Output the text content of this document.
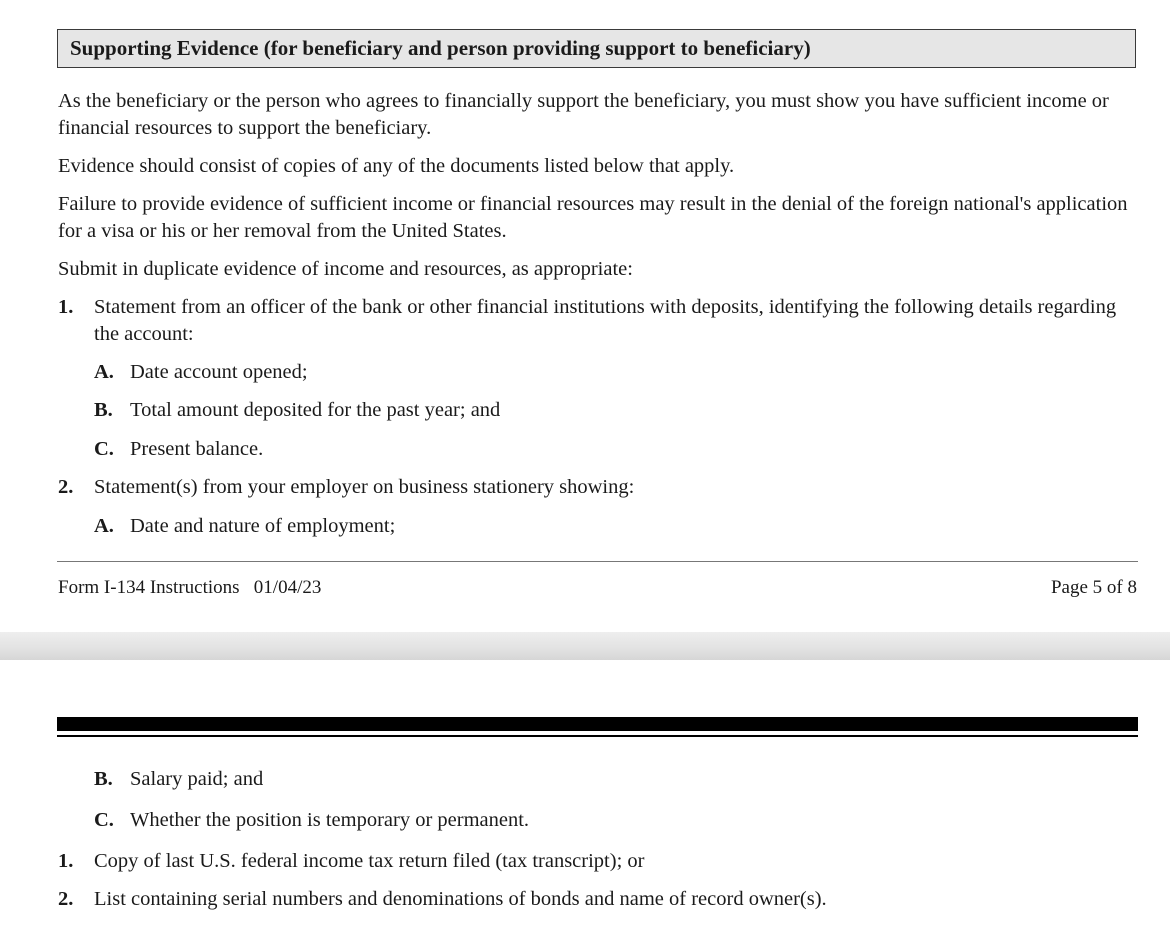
Supporting Evidence (for beneficiary and person providing support to beneficiary)

As the beneficiary or the person who agrees to financially support the beneficiary, you must show you have sufficient income or financial resources to support the beneficiary.

Evidence should consist of copies of any of the documents listed below that apply.

Failure to provide evidence of sufficient income or financial resources may result in the denial of the foreign national's application for a visa or his or her removal from the United States.

Submit in duplicate evidence of income and resources, as appropriate:

1. Statement from an officer of the bank or other financial institutions with deposits, identifying the following details regarding the account:
A. Date account opened;
B. Total amount deposited for the past year; and
C. Present balance.
2. Statement(s) from your employer on business stationery showing:
A. Date and nature of employment;
Form I-134 Instructions   01/04/23	Page 5 of 8
B. Salary paid; and
C. Whether the position is temporary or permanent.
1. Copy of last U.S. federal income tax return filed (tax transcript); or
2. List containing serial numbers and denominations of bonds and name of record owner(s).
